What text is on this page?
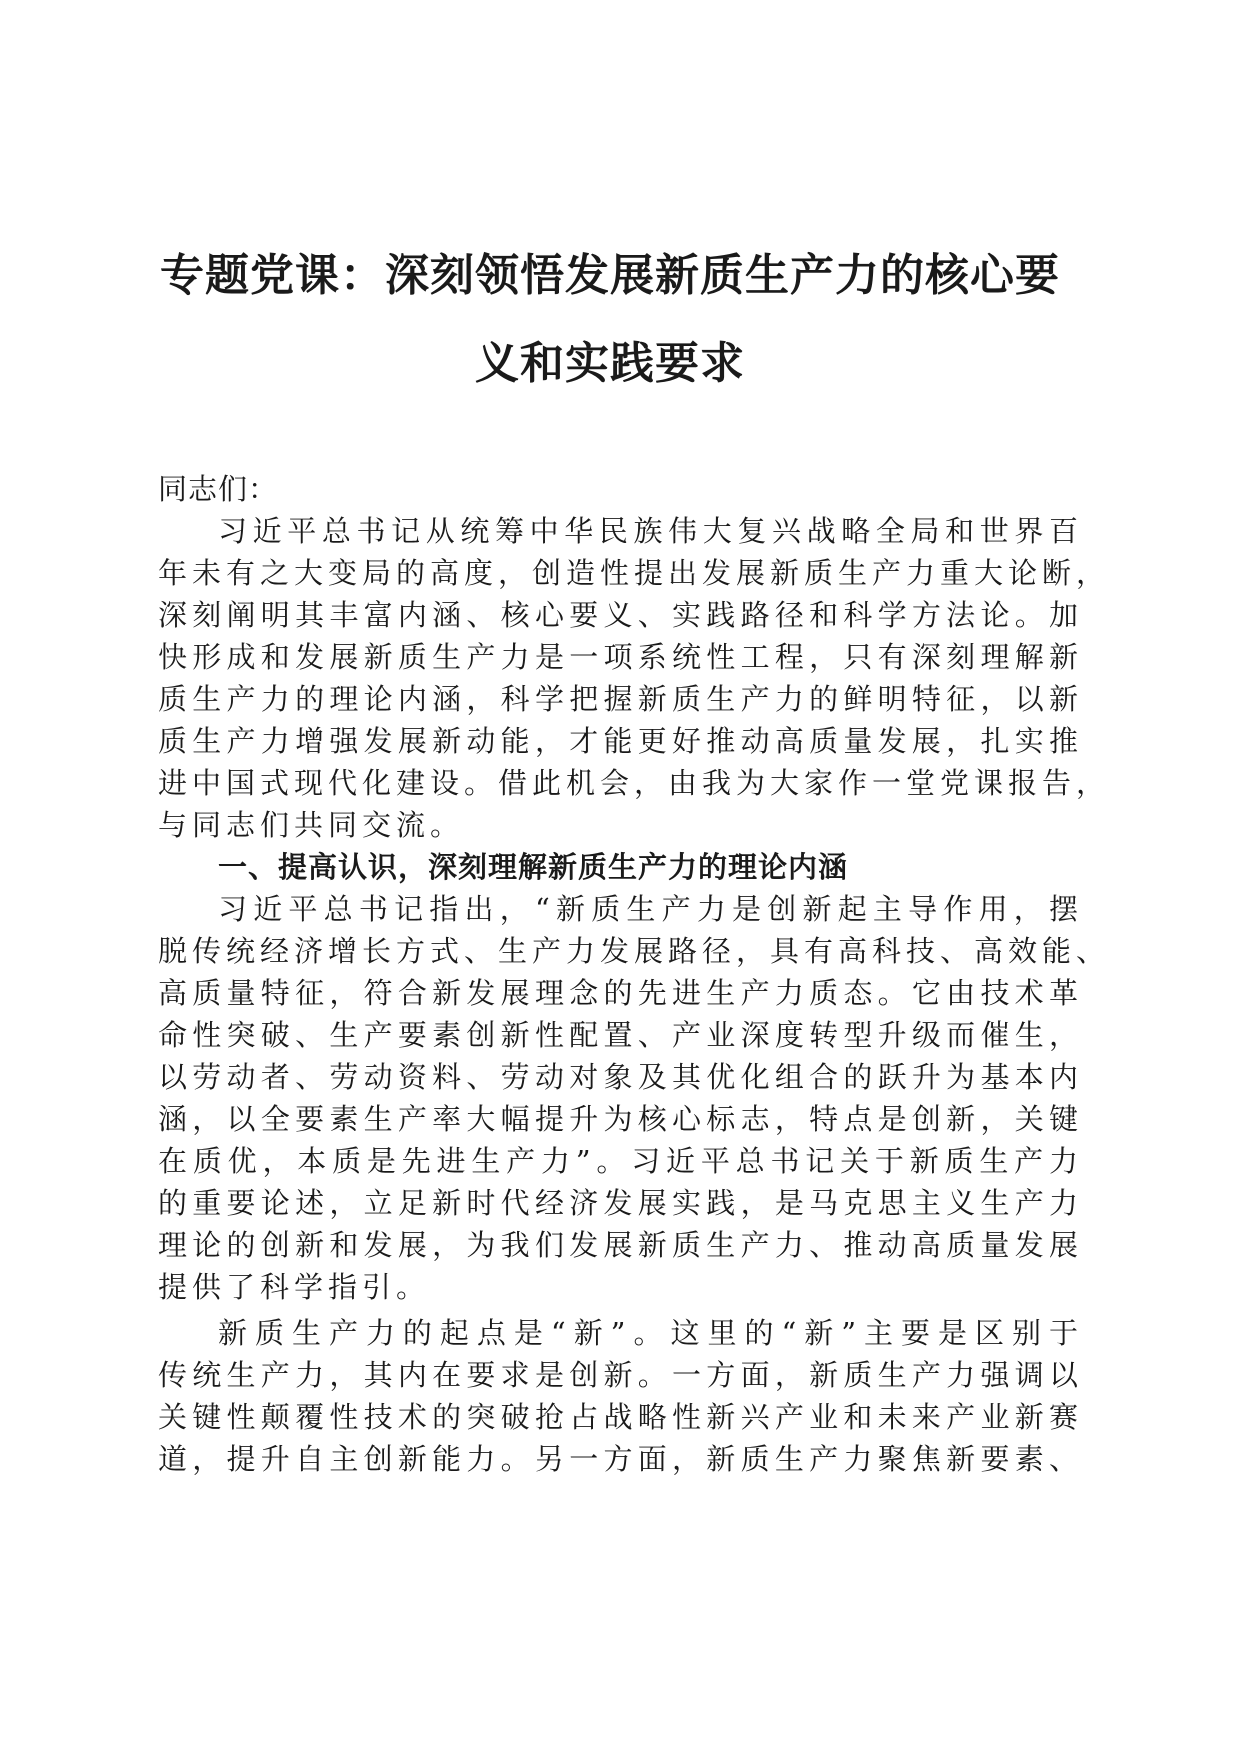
专题党课：深刻领悟发展新质生产力的核心要

义和实践要求

同志们：

习近平总书记从统筹中华民族伟大复兴战略全局和世界百
年未有之大变局的高度，创造性提出发展新质生产力重大论断，
深刻阐明其丰富内涵、核心要义、实践路径和科学方法论。加
快形成和发展新质生产力是一项系统性工程，只有深刻理解新
质生产力的理论内涵，科学把握新质生产力的鲜明特征，以新
质生产力增强发展新动能，才能更好推动高质量发展，扎实推
进中国式现代化建设。借此机会，由我为大家作一堂党课报告，
与同志们共同交流。

一、提高认识，深刻理解新质生产力的理论内涵

习近平总书记指出，“新质生产力是创新起主导作用，摆
脱传统经济增长方式、生产力发展路径，具有高科技、高效能、
高质量特征，符合新发展理念的先进生产力质态。它由技术革
命性突破、生产要素创新性配置、产业深度转型升级而催生，
以劳动者、劳动资料、劳动对象及其优化组合的跃升为基本内
涵，以全要素生产率大幅提升为核心标志，特点是创新，关键
在质优，本质是先进生产力”。习近平总书记关于新质生产力
的重要论述，立足新时代经济发展实践，是马克思主义生产力
理论的创新和发展，为我们发展新质生产力、推动高质量发展
提供了科学指引。
新质生产力的起点是“新”。这里的“新”主要是区别于
传统生产力，其内在要求是创新。一方面，新质生产力强调以
关键性颠覆性技术的突破抢占战略性新兴产业和未来产业新赛
道，提升自主创新能力。另一方面，新质生产力聚焦新要素、
